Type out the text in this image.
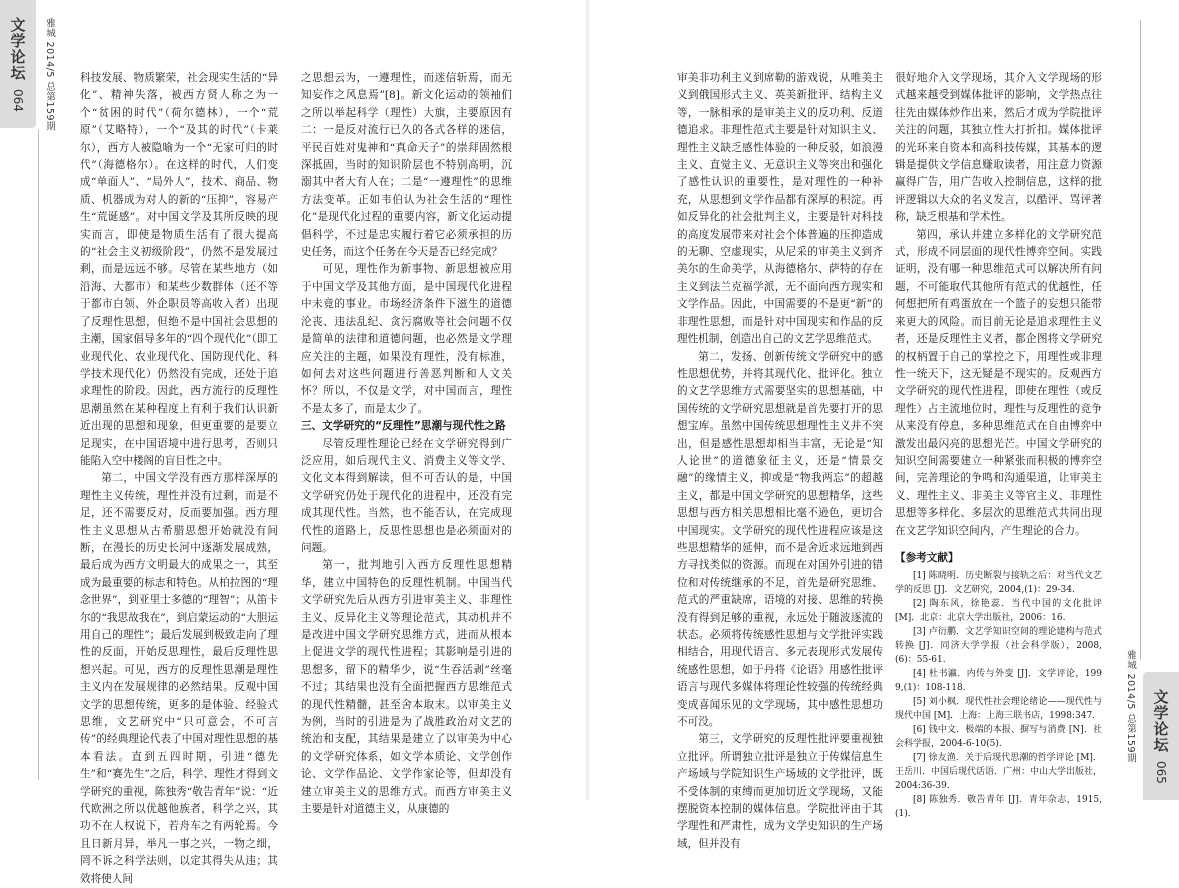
文学论坛
064
雅城 2014/5 总第159期 科技发展、物质繁荣，社会现实生活的“异化”、精神失落，被西方贤人称之为一个“贫困的时代”（荷尔德林），一个“荒原”（艾略特），一个“及其的时代”（卡莱尔），西方人被隐喻为一个“无家可归的时代”（海德格尔）。在这样的时代，人们变成“单面人”、“局外人”，技术、商品、物质、机器成为对人的新的“压抑”，容易产生“荒诞感”。对中国文学及其所反映的现实而言，即使是物质生活有了很大提高的“社会主义初级阶段”，仍然不是发展过剩，而是远远不够。尽管在某些地方（如沿海、大都市）和某些少数群体（还不等于都市白领、外企职员等高收入者）出现了反理性思想，但绝不是中国社会思想的主潮，国家倡导多年的“四个现代化”（即工业现代化、农业现代化、国防现代化、科学技术现代化）仍然没有完成，还处于追求理性的阶段。因此，西方流行的反理性思潮虽然在某种程度上有利于我们认识新近出现的思想和现象，但更重要的是要立足现实，在中国语境中进行思考，否则只能陷入空中楼阁的盲目性之中。

第二，中国文学没有西方那样深厚的理性主义传统，理性并没有过剩，而是不足，还不需要反对，反而要加强。西方理性主义思想从古希腊思想开始就没有间断，在漫长的历史长河中逐渐发展成熟，最后成为西方文明最大的成果之一，其至成为最重要的标志和特色。从柏拉图的“理念世界”，到亚里士多德的“理智”；从笛卡尔的“我思故我在”，到启蒙运动的“大胆运用自己的理性”；最后发展到极致走向了理性的反面，开始反思理性，最后反理性思想兴起。可见，西方的反理性思潮是理性主义内在发展规律的必然结果。反观中国文学的思想传统，更多的是体验、经验式思维，文艺研究中“只可意会，不可言传”的经典理论代表了中国对理性思想的基本看法。直到五四时期，引进“德先生”和“赛先生”之后，科学、理性才得到文学研究的重视，陈独秀“敬告青年”说：“近代欧洲之所以优越他族者，科学之兴，其功不在人权说下，若舟车之有两轮焉。今且日新月异，举凡一事之兴，一物之细，罔不诉之科学法则，以定其得失从违；其效将使人间

之思想云为，一遵理性，而迷信斩焉，而无知妄作之风息焉”[8]。新文化运动的领袖们之所以举起科学（理性）大旗，主要原因有二：一是反对流行已久的各式各样的迷信，平民百姓对鬼神和“真命天子”的崇拜固然根深抵固，当时的知识阶层也不特别高明，沉溺其中者大有人在；二是“一遵理性”的思维方法变革。正如韦伯认为社会生活的“理性化”是现代化过程的重要内容，新文化运动提倡科学，不过是忠实履行着它必须承担的历史任务，而这个任务在今天是否已经完成？

可见，理性作为新事物、新思想被应用于中国文学及其他方面，是中国现代化进程中未竟的事业。市场经济条件下滋生的道德沦丧、违法乱纪、贪污腐败等社会问题不仅是简单的法律和道德问题，也必然是文学理应关注的主题，如果没有理性，没有标准，如何去对这些问题进行善恶判断和人文关怀？所以，不仅是文学，对中国而言，理性不是太多了，而是太少了。

三、文学研究的“反理性”思潮与现代性之路

尽管反理性理论已经在文学研究得到广泛应用，如后现代主义、消费主义等文学、文化文本得到解读，但不可否认的是，中国文学研究仍处于现代化的进程中，还没有完成其现代性。当然，也不能否认，在完成现代性的道路上，反思性思想也是必须面对的问题。

第一，批判地引入西方反理性思想精华，建立中国特色的反理性机制。中国当代文学研究先后从西方引进审美主义、非理性主义、反异化主义等理论范式，其动机并不是改进中国文学研究思维方式，进而从根本上促进文学的现代性进程；其影响是引进的思想多，留下的精华少，说“生吞活剥”丝毫不过；其结果也没有全面把握西方思维范式的现代性精髓，甚至舍本取末。以审美主义为例，当时的引进是为了战胜政治对文艺的统治和支配，其结果是建立了以审美为中心的文学研究体系，如文学本质论、文学创作论、文学作品论、文学作家论等，但却没有建立审美主义的思维方式。而西方审美主义主要是针对道德主义，从康德的

文学论坛
065
雅城 2014/5 总第159期

审美非功利主义到席勒的游戏说，从唯美主义到俄国形式主义、英美新批评、结构主义等，一脉相承的是审美主义的反功利、反道德追求。非理性范式主要是针对知识主义、理性主义缺乏感性体验的一种反驳，如浪漫主义、直觉主义、无意识主义等突出和强化了感性认识的重要性，是对理性的一种补充，从思想到文学作品都有深厚的积淀。再如反异化的社会批判主义，主要是针对科技的高度发展带来对社会个体普遍的压抑造成的无聊、空虚现实，从尼采的审美主义到齐美尔的生命美学，从海德格尔、萨特的存在主义到法兰克福学派，无不面向西方现实和文学作品。因此，中国需要的不是更“新”的非理性思想，而是针对中国现实和作品的反理性机制，创造出自己的文艺学思维范式。

第二，发扬、创新传统文学研究中的感性思想优势，并将其现代化、批评化。独立的文艺学思维方式需要坚实的思想基础，中国传统的文学研究思想就是首先要打开的思想宝库。虽然中国传统思想理性主义并不突出，但是感性思想却相当丰富，无论是“知人论世”的道德象征主义，还是“情景交融”的缘情主义，抑或是“物我两忘”的超越主义，都是中国文学研究的思想精华，这些思想与西方相关思想相比毫不逊色，更切合中国现实。文学研究的现代性进程应该是这些思想精华的延伸，而不是舍近求远地到西方寻找类似的资源。而现在对国外引进的错位和对传统继承的不足，首先是研究思维、范式的严重缺席，语境的对接、思维的转换没有得到足够的重视，永远处于随波逐流的状态。必须将传统感性思想与文学批评实践相结合，用现代语言、多元表现形式发展传统感性思想，如于丹将《论语》用感性批评语言与现代多媒体将理论性较强的传统经典变成喜闻乐见的文学现场，其中感性思想功不可没。

第三，文学研究的反理性批评要重视独立批评。所谓独立批评是独立于传媒信息生产场域与学院知识生产场域的文学批评，既不受体制的束缚而更加切近文学现场，又能摆脱资本控制的媒体信息。学院批评由于其学理性和严肃性，成为文学史知识的生产场域，但并没有

很好地介入文学现场，其介入文学现场的形式越来越受到媒体批评的影响，文学热点往往先由媒体炒作出来，然后才成为学院批评关注的问题，其独立性大打折扣。媒体批评的光环来自资本和高科技传媒，其基本的逻辑是提供文学信息赚取读者，用注意力资源赢得广告，用广告收入控制信息，这样的批评逻辑以大众的名义发言，以酷评、骂评著称，缺乏根基和学术性。

第四，承认并建立多样化的文学研究范式，形成不同层面的现代性博弈空间。实践证明，没有哪一种思维范式可以解决所有问题，不可能取代其他所有范式的优越性，任何想把所有鸡蛋放在一个篮子的妄想只能带来更大的风险。而目前无论是追求理性主义者，还是反理性主义者，都企图将文学研究的权柄置于自己的掌控之下，用理性或非理性一统天下，这无疑是不现实的。反观西方文学研究的现代性进程，即使在理性（或反理性）占主流地位时，理性与反理性的竞争从来没有停息，多种思维范式在自由博弈中激发出最闪亮的思想光芒。中国文学研究的知识空间需要建立一种紧张而积极的博弈空间，完善理论的争鸣和沟通渠道，让审美主义、理性主义、非美主义等官主义、非理性思想等多样化、多层次的思维范式共同出现在文艺学知识空间内，产生理论的合力。

【参考文献】

[1] 陈晓明．历史断裂与接轨之后：对当代文艺学的反思 [J]．文艺研究，2004,(1)：29-34.

[2] 陶东风，徐艳蕊．当代中国的文化批评 [M]．北京：北京大学出版社，2006：16.

[3] 卢衍鹏．文艺学知识空间的理论建构与范式转换 [J]．同济大学学报（社会科学版），2008,(6)：55-61.

[4] 杜书瀛．内传与外变 [J]．文学评论，1999,(1)：108-118.

[5] 刘小枫．现代性社会理论绪论——现代性与现代中国 [M]．上海：上海三联书店，1998:347.

[6] 钱中文．极端的本报、摒写与消费 [N]．社会科学报，2004-6-10(5).

[7] 徐友渔．关于后现代思潮的哲学评论 [M]．王岳川．中国后现代话语．广州：中山大学出版社，2004:36-39.

[8] 陈独秀．敬告青年 [J]．青年杂志，1915,(1).
